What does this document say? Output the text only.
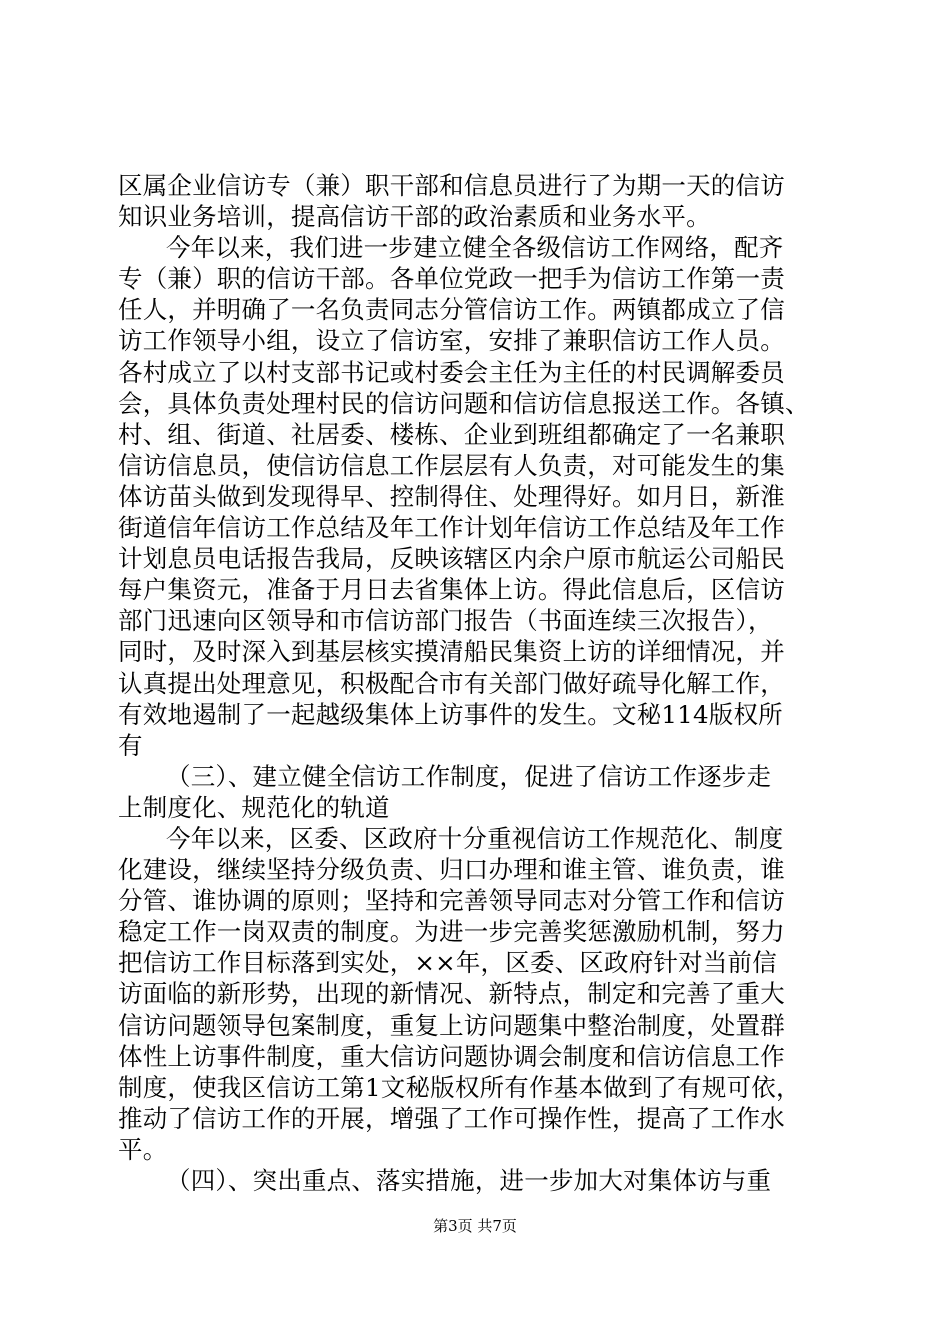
区属企业信访专（兼）职干部和信息员进行了为期一天的信访
知识业务培训，提高信访干部的政治素质和业务水平。
今年以来，我们进一步建立健全各级信访工作网络，配齐
专（兼）职的信访干部。各单位党政一把手为信访工作第一责
任人，并明确了一名负责同志分管信访工作。两镇都成立了信
访工作领导小组，设立了信访室，安排了兼职信访工作人员。
各村成立了以村支部书记或村委会主任为主任的村民调解委员
会，具体负责处理村民的信访问题和信访信息报送工作。各镇、
村、组、街道、社居委、楼栋、企业到班组都确定了一名兼职
信访信息员，使信访信息工作层层有人负责，对可能发生的集
体访苗头做到发现得早、控制得住、处理得好。如月日，新淮
街道信年信访工作总结及年工作计划年信访工作总结及年工作
计划息员电话报告我局，反映该辖区内余户原市航运公司船民
每户集资元，准备于月日去省集体上访。得此信息后，区信访
部门迅速向区领导和市信访部门报告（书面连续三次报告），
同时，及时深入到基层核实摸清船民集资上访的详细情况，并
认真提出处理意见，积极配合市有关部门做好疏导化解工作，
有效地遏制了一起越级集体上访事件的发生。文秘114版权所
有
（三）、建立健全信访工作制度，促进了信访工作逐步走
上制度化、规范化的轨道
今年以来，区委、区政府十分重视信访工作规范化、制度
化建设，继续坚持分级负责、归口办理和谁主管、谁负责，谁
分管、谁协调的原则；坚持和完善领导同志对分管工作和信访
稳定工作一岗双责的制度。为进一步完善奖惩激励机制，努力
把信访工作目标落到实处，××年，区委、区政府针对当前信
访面临的新形势，出现的新情况、新特点，制定和完善了重大
信访问题领导包案制度，重复上访问题集中整治制度，处置群
体性上访事件制度，重大信访问题协调会制度和信访信息工作
制度，使我区信访工第1文秘版权所有作基本做到了有规可依，
推动了信访工作的开展，增强了工作可操作性，提高了工作水
平。
（四）、突出重点、落实措施，进一步加大对集体访与重
第3页 共7页
